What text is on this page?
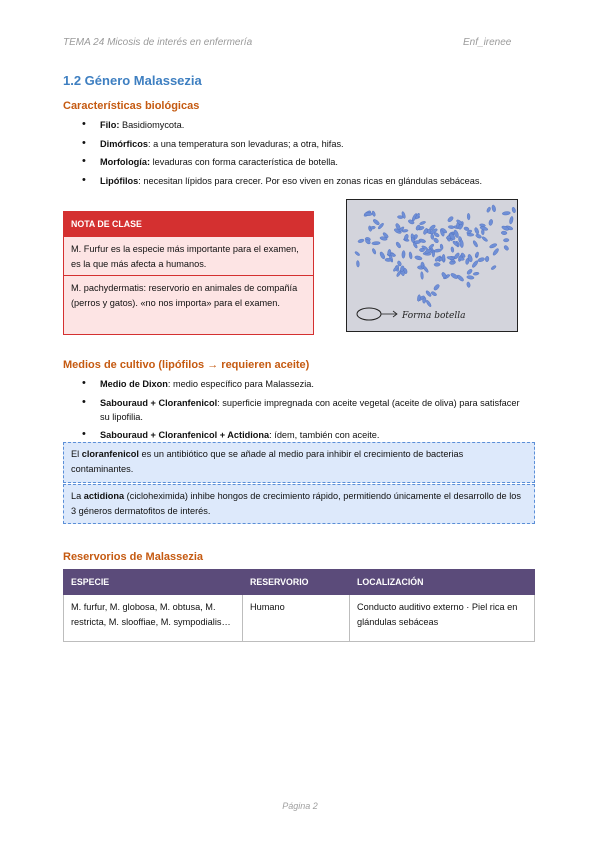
TEMA 24 Micosis de interés en enfermería	Enf_irenee
1.2 Género Malassezia
Características biológicas
• Filo: Basidiomycota.
• Dimórficos: a una temperatura son levaduras; a otra, hifas.
• Morfología: levaduras con forma característica de botella.
• Lipófilos: necesitan lípidos para crecer. Por eso viven en zonas ricas en glándulas sebáceas.
NOTA DE CLASE
M. Furfur es la especie más importante para el examen, es la que más afecta a humanos.
M. pachydermatis: reservorio en animales de compañía (perros y gatos). «no nos importa» para el examen.
Forma botella
Medios de cultivo (lipófilos → requieren aceite)
• Medio de Dixon: medio específico para Malassezia.
• Sabouraud + Cloranfenicol: superficie impregnada con aceite vegetal (aceite de oliva) para satisfacer su lipofilia.
• Sabouraud + Cloranfenicol + Actidiona: ídem, también con aceite.
El cloranfenicol es un antibiótico que se añade al medio para inhibir el crecimiento de bacterias contaminantes.
La actidiona (cicloheximida) inhibe hongos de crecimiento rápido, permitiendo únicamente el desarrollo de los 3 géneros dermatofitos de interés.
Reservorios de Malassezia
ESPECIE	RESERVORIO	LOCALIZACIÓN
M. furfur, M. globosa, M. obtusa, M. restricta, M. slooffiae, M. sympodialis…	Humano	Conducto auditivo externo · Piel rica en glándulas sebáceas
Página 2
